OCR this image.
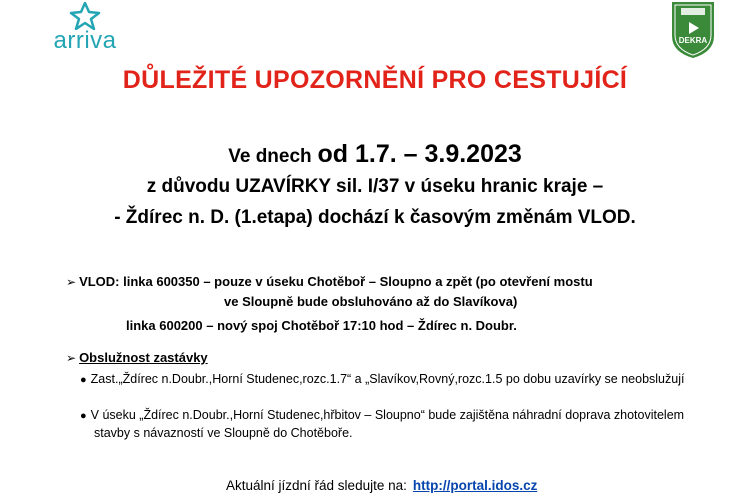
arriva	DEKRA
DŮLEŽITÉ UPOZORNĚNÍ PRO CESTUJÍCÍ
Ve dnech od 1.7. – 3.9.2023
z důvodu UZAVÍRKY sil. I/37 v úseku hranic kraje –
- Ždírec n. D. (1.etapa) dochází k časovým změnám VLOD.
➢ VLOD: linka 600350 – pouze v úseku Chotěboř – Sloupno a zpět (po otevření mostu
ve Sloupně bude obsluhováno až do Slavíkova)
linka 600200 – nový spoj Chotěboř 17:10 hod – Ždírec n. Doubr.
➢ Obslužnost zastávky
● Zast.„Ždírec n.Doubr.,Horní Studenec,rozc.1.7“ a „Slavíkov,Rovný,rozc.1.5 po dobu uzavírky se neobslužují
● V úseku „Ždírec n.Doubr.,Horní Studenec,hřbitov – Sloupno“ bude zajištěna náhradní doprava zhotovitelem
stavby s návazností ve Sloupně do Chotěboře.
Aktuální jízdní řád sledujte na: http://portal.idos.cz
